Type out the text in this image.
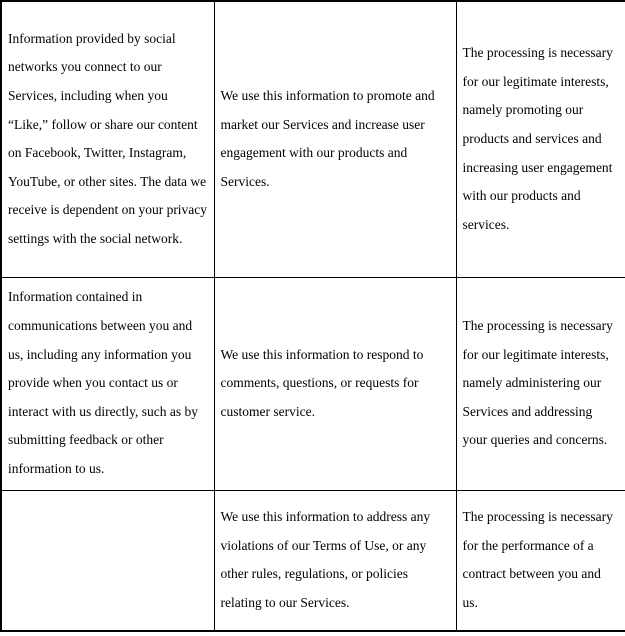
Information provided by social networks you connect to our Services, including when you “Like,” follow or share our content on Facebook, Twitter, Instagram, YouTube, or other sites. The data we receive is dependent on your privacy settings with the social network.	We use this information to promote and market our Services and increase user engagement with our products and Services.	The processing is necessary for our legitimate interests, namely promoting our products and services and increasing user engagement with our products and services.
Information contained in communications between you and us, including any information you provide when you contact us or interact with us directly, such as by submitting feedback or other information to us.	We use this information to respond to comments, questions, or requests for customer service.	The processing is necessary for our legitimate interests, namely administering our Services and addressing your queries and concerns.
	We use this information to address any violations of our Terms of Use, or any other rules, regulations, or policies relating to our Services.	The processing is necessary for the performance of a contract between you and us.
